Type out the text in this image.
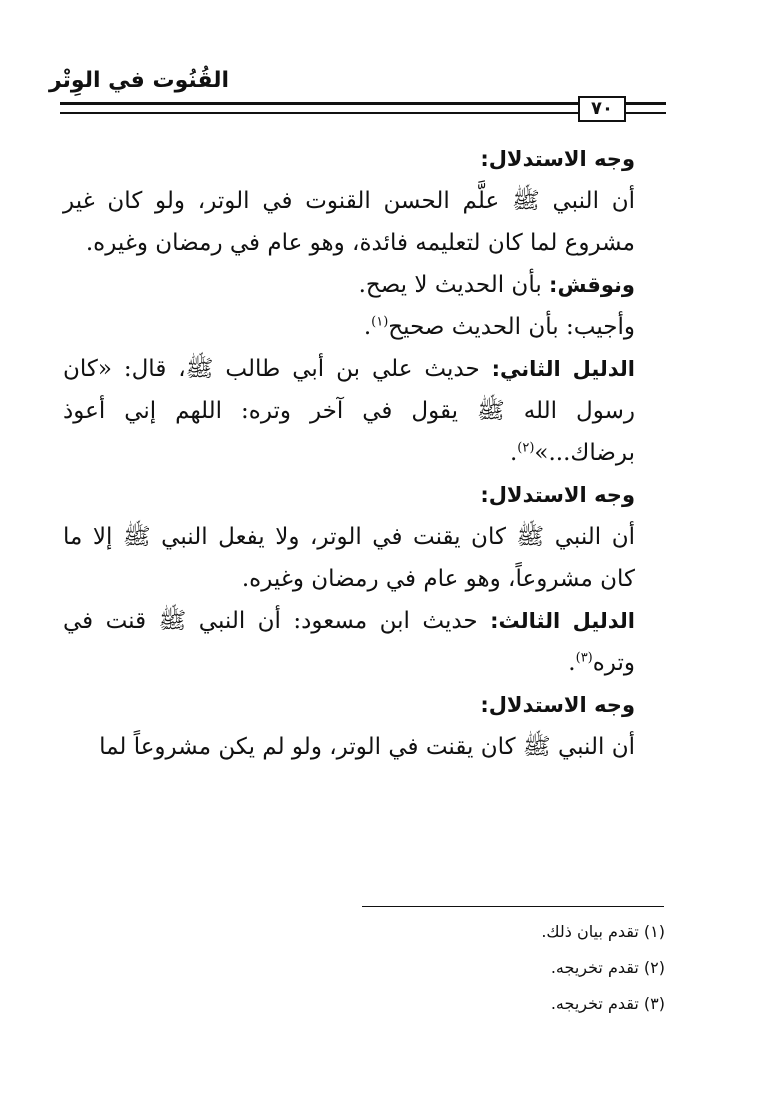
القُنُوت في الوِتْر
٧٠

وجه الاستدلال:

أن النبي ﷺ علَّم الحسن القنوت في الوتر، ولو كان غير مشروع لما كان لتعليمه فائدة، وهو عام في رمضان وغيره.

ونوقش: بأن الحديث لا يصح.

وأجيب: بأن الحديث صحيح$^{(١)}$.

الدليل الثاني: حديث علي بن أبي طالب ﷺ، قال: «كان رسول الله ﷺ يقول في آخر وتره: اللهم إني أعوذ برضاك...»$^{(٢)}$.

وجه الاستدلال:

أن النبي ﷺ كان يقنت في الوتر، ولا يفعل النبي ﷺ إلا ما كان مشروعاً، وهو عام في رمضان وغيره.

الدليل الثالث: حديث ابن مسعود: أن النبي ﷺ قنت في وتره$^{(٣)}$.

وجه الاستدلال:

أن النبي ﷺ كان يقنت في الوتر، ولو لم يكن مشروعاً لما

(١) تقدم بيان ذلك.

(٢) تقدم تخريجه.

(٣) تقدم تخريجه.
